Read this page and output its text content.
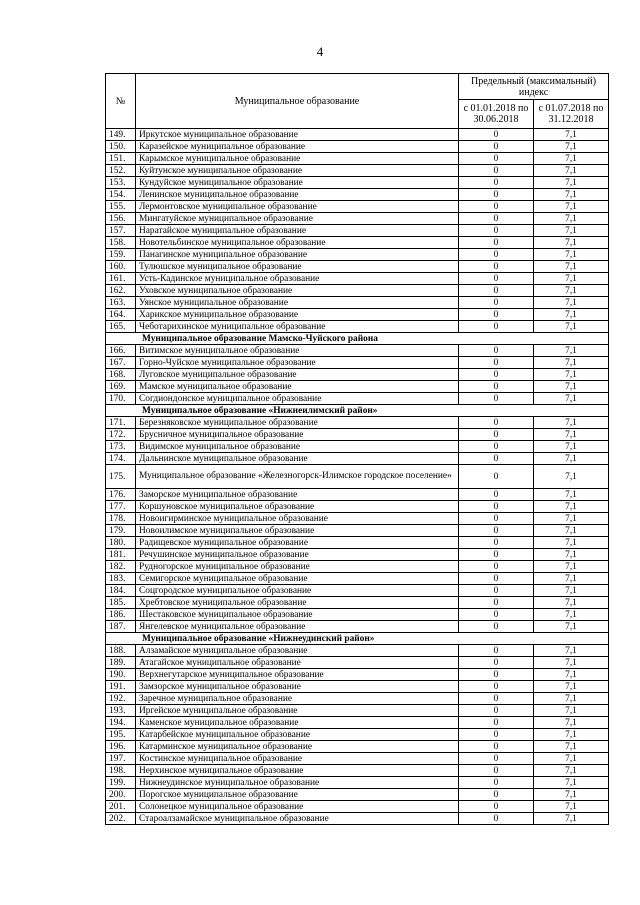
4
№	Муниципальное образование	Предельный (максимальный) индекс	
		с 01.01.2018 по 30.06.2018	с 01.07.2018 по 31.12.2018
149.	Иркутское муниципальное образование	0	7,1
150.	Каразейское муниципальное образование	0	7,1
151.	Карымское муниципальное образование	0	7,1
152.	Куйтунское муниципальное образование	0	7,1
153.	Кундуйское муниципальное образование	0	7,1
154.	Ленинское муниципальное образование	0	7,1
155.	Лермонтовское муниципальное образование	0	7,1
156.	Мингатуйское муниципальное образование	0	7,1
157.	Наратайское муниципальное образование	0	7,1
158.	Новотельбинское муниципальное образование	0	7,1
159.	Панагинское муниципальное образование	0	7,1
160.	Тулюшское муниципальное образование	0	7,1
161.	Усть-Кадинское муниципальное образование	0	7,1
162.	Уховское муниципальное образование	0	7,1
163.	Уянское муниципальное образование	0	7,1
164.	Харикское муниципальное образование	0	7,1
165.	Чеботарихинское муниципальное образование	0	7,1
Муниципальное образование Мамско-Чуйского района			
166.	Витимское муниципальное образование	0	7,1
167.	Горно-Чуйское муниципальное образование	0	7,1
168.	Луговское муниципальное образование	0	7,1
169.	Мамское муниципальное образование	0	7,1
170.	Согдиондонское муниципальное образование	0	7,1
Муниципальное образование «Нижнеилимский район»			
171.	Березняковское муниципальное образование	0	7,1
172.	Брусничное муниципальное образование	0	7,1
173.	Видимское муниципальное образование	0	7,1
174.	Дальнинское муниципальное образование	0	7,1
175.	Муниципальное образование «Железногорск-Илимское городское поселение»	0	7,1
176.	Заморское муниципальное образование	0	7,1
177.	Коршуновское муниципальное образование	0	7,1
178.	Новоигирминское муниципальное образование	0	7,1
179.	Новоилимское муниципальное образование	0	7,1
180.	Радищевское муниципальное образование	0	7,1
181.	Речушинское муниципальное образование	0	7,1
182.	Рудногорское муниципальное образование	0	7,1
183.	Семигорское муниципальное образование	0	7,1
184.	Соцгородское муниципальное образование	0	7,1
185.	Хребтовское муниципальное образование	0	7,1
186.	Шестаковское муниципальное образование	0	7,1
187.	Янгелевское муниципальное образование	0	7,1
Муниципальное образование «Нижнеудинский район»			
188.	Алзамайское муниципальное образование	0	7,1
189.	Атагайское муниципальное образование	0	7,1
190.	Верхнегутарское муниципальное образование	0	7,1
191.	Замзорское муниципальное образование	0	7,1
192.	Заречное муниципальное образование	0	7,1
193.	Иргейское муниципальное образование	0	7,1
194.	Каменское муниципальное образование	0	7,1
195.	Катарбейское муниципальное образование	0	7,1
196.	Катарминское муниципальное образование	0	7,1
197.	Костинское муниципальное образование	0	7,1
198.	Нерхинское муниципальное образование	0	7,1
199.	Нижнеудинское муниципальное образование	0	7,1
200.	Порогское муниципальное образование	0	7,1
201.	Солонецкое муниципальное образование	0	7,1
202.	Староалзамайское муниципальное образование	0	7,1
